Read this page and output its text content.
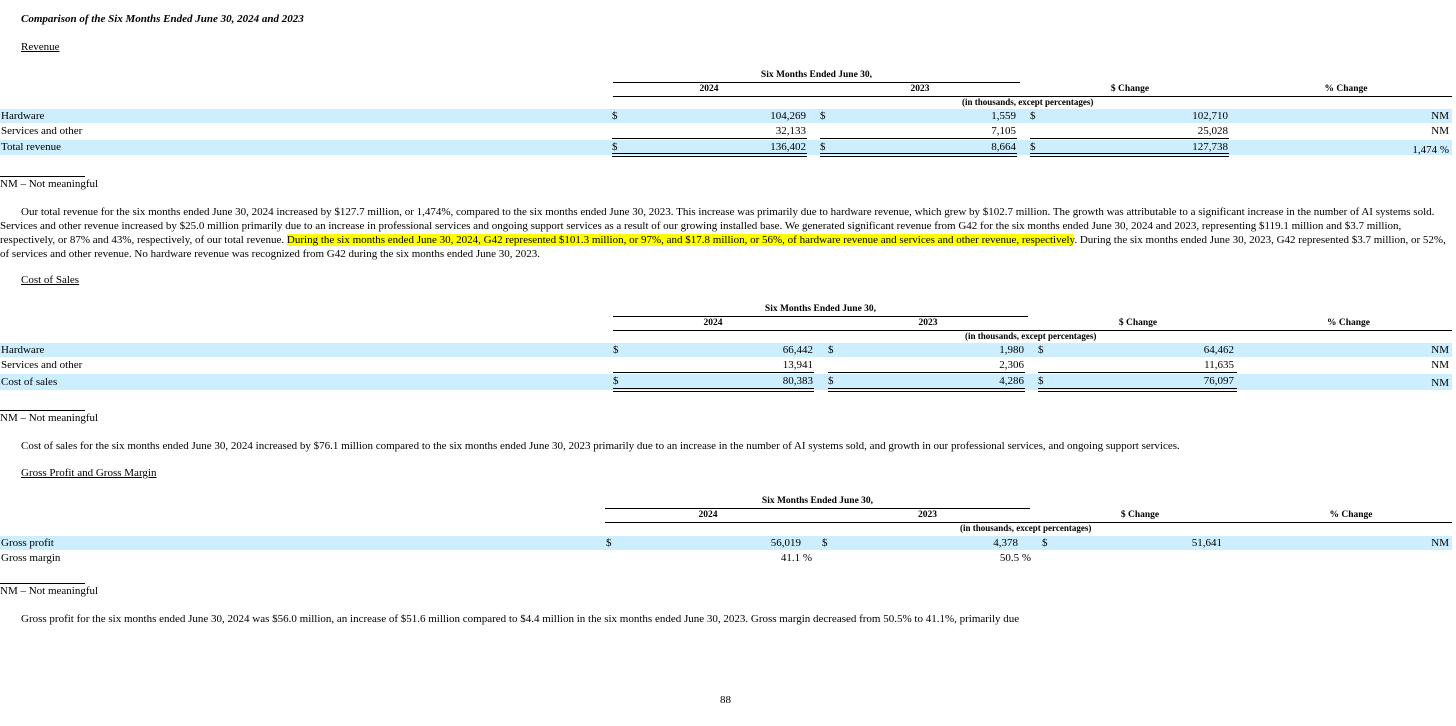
Comparison of the Six Months Ended June 30, 2024 and 2023
Revenue
Six Months Ended June 30,
2024	2023	$ Change	% Change
(in thousands, except percentages)
Hardware	$	104,269 $	1,559 $	102,710	NM
Services and other	32,133	7,105	25,028	NM
Total revenue	$	136,402 $	8,664 $	127,738	1,474 %
NM – Not meaningful
Our total revenue for the six months ended June 30, 2024 increased by $127.7 million, or 1,474%, compared to the six months ended June 30, 2023. This increase was primarily due to hardware revenue, which grew by $102.7 million. The growth was attributable to a significant increase in the number of AI systems sold. Services and other revenue increased by $25.0 million primarily due to an increase in professional services and ongoing support services as a result of our growing installed base. We generated significant revenue from G42 for the six months ended June 30, 2024 and 2023, representing $119.1 million and $3.7 million, respectively, or 87% and 43%, respectively, of our total revenue. During the six months ended June 30, 2024, G42 represented $101.3 million, or 97%, and $17.8 million, or 56%, of hardware revenue and services and other revenue, respectively. During the six months ended June 30, 2023, G42 represented $3.7 million, or 52%, of services and other revenue. No hardware revenue was recognized from G42 during the six months ended June 30, 2023.
Cost of Sales
Six Months Ended June 30,
2024	2023	$ Change	% Change
(in thousands, except percentages)
Hardware	$	66,442 $	1,980 $	64,462	NM
Services and other	13,941	2,306	11,635	NM
Cost of sales	$	80,383 $	4,286 $	76,097	NM
NM – Not meaningful
Cost of sales for the six months ended June 30, 2024 increased by $76.1 million compared to the six months ended June 30, 2023 primarily due to an increase in the number of AI systems sold, and growth in our professional services, and ongoing support services.
Gross Profit and Gross Margin
Six Months Ended June 30,
2024	2023	$ Change	% Change
(in thousands, except percentages)
Gross profit	$	56,019 $	4,378 $	51,641	NM
Gross margin	41.1 %	50.5 %
NM – Not meaningful
Gross profit for the six months ended June 30, 2024 was $56.0 million, an increase of $51.6 million compared to $4.4 million in the six months ended June 30, 2023. Gross margin decreased from 50.5% to 41.1%, primarily due
88
